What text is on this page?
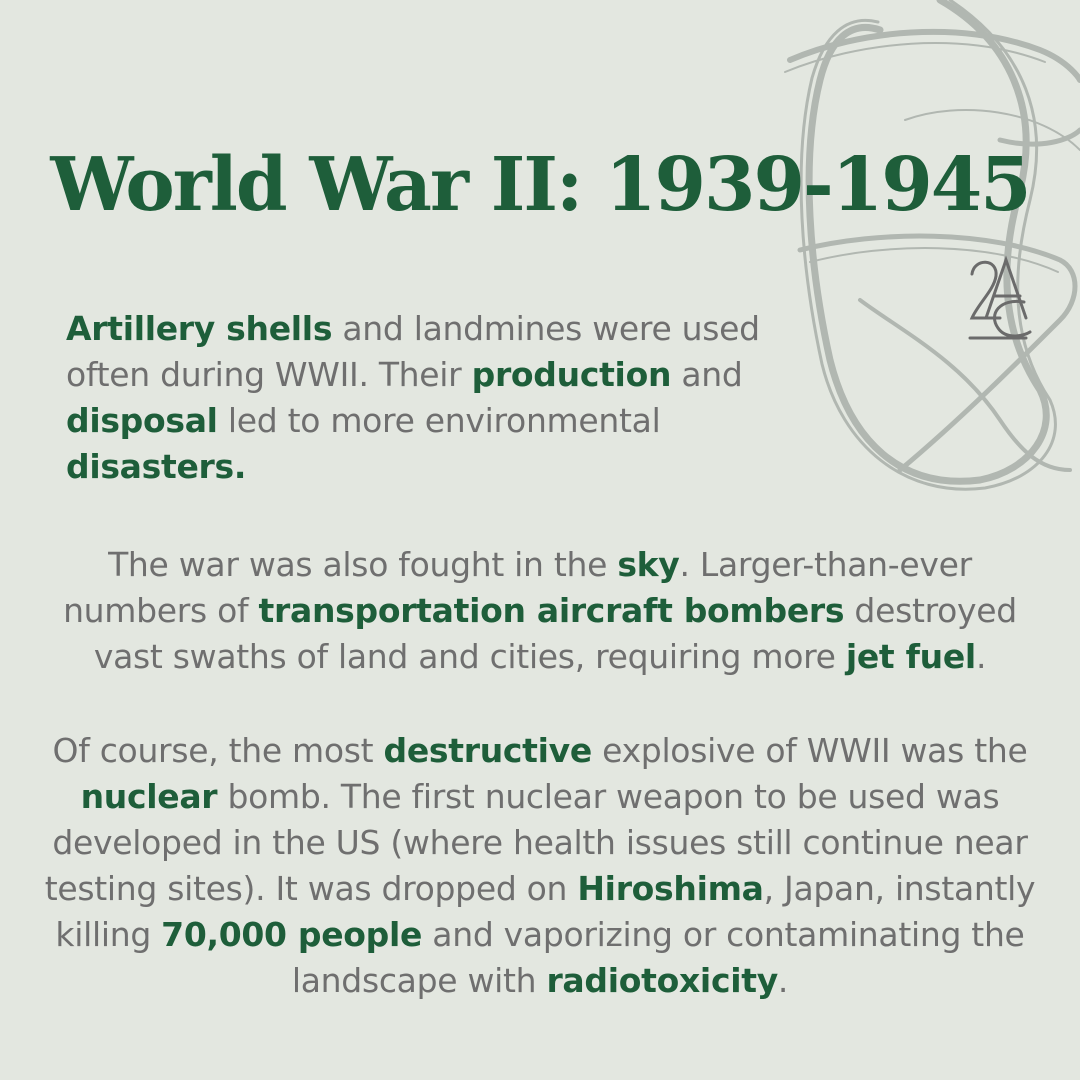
World War II: 1939-1945

Artillery shells and landmines were used often during WWII. Their production and disposal led to more environmental disasters.

The war was also fought in the sky. Larger-than-ever numbers of transportation aircraft bombers destroyed vast swaths of land and cities, requiring more jet fuel.

Of course, the most destructive explosive of WWII was the nuclear bomb. The first nuclear weapon to be used was developed in the US (where health issues still continue near testing sites). It was dropped on Hiroshima, Japan, instantly killing 70,000 people and vaporizing or contaminating the landscape with radiotoxicity.
